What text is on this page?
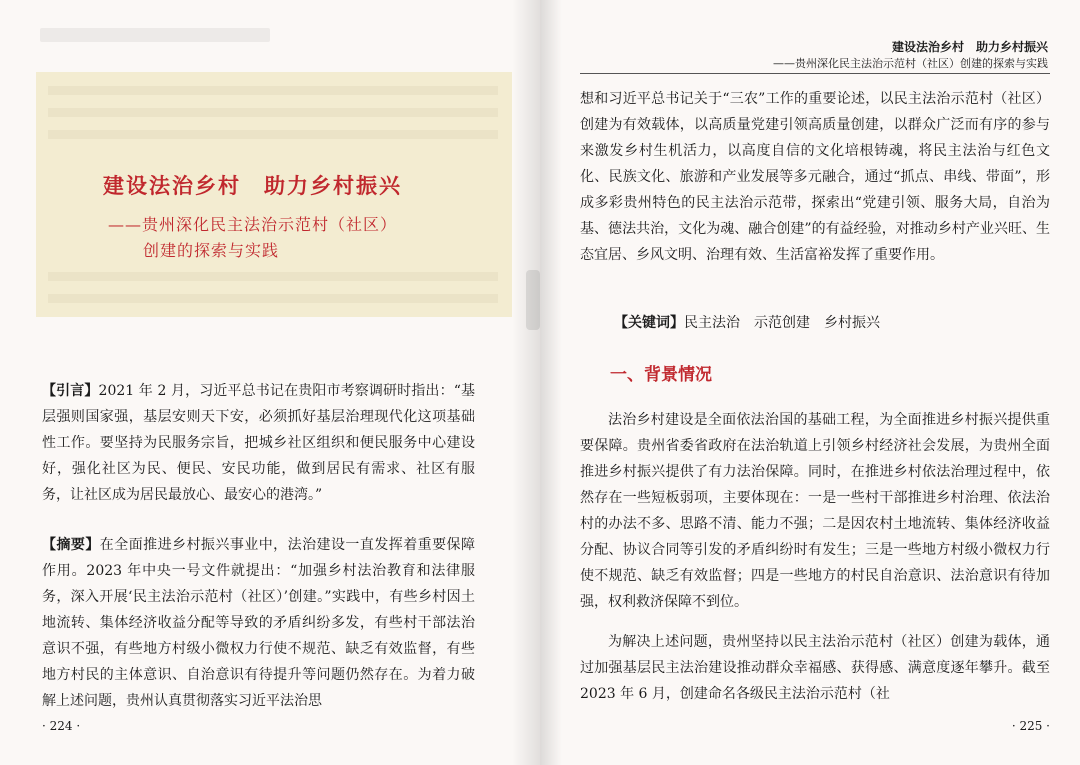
建设法治乡村　助力乡村振兴
——贵州深化民主法治示范村（社区）
创建的探索与实践

【引言】2021 年 2 月，习近平总书记在贵阳市考察调研时指出：“基层强则国家强，基层安则天下安，必须抓好基层治理现代化这项基础性工作。要坚持为民服务宗旨，把城乡社区组织和便民服务中心建设好，强化社区为民、便民、安民功能，做到居民有需求、社区有服务，让社区成为居民最放心、最安心的港湾。”

【摘要】在全面推进乡村振兴事业中，法治建设一直发挥着重要保障作用。2023 年中央一号文件就提出：“加强乡村法治教育和法律服务，深入开展‘民主法治示范村（社区）’创建。”实践中，有些乡村因土地流转、集体经济收益分配等导致的矛盾纠纷多发，有些村干部法治意识不强，有些地方村级小微权力行使不规范、缺乏有效监督，有些地方村民的主体意识、自治意识有待提升等问题仍然存在。为着力破解上述问题，贵州认真贯彻落实习近平法治思

· 224 ·
建设法治乡村　助力乡村振兴
——贵州深化民主法治示范村（社区）创建的探索与实践

想和习近平总书记关于“三农”工作的重要论述，以民主法治示范村（社区）创建为有效载体，以高质量党建引领高质量创建，以群众广泛而有序的参与来激发乡村生机活力，以高度自信的文化培根铸魂，将民主法治与红色文化、民族文化、旅游和产业发展等多元融合，通过“抓点、串线、带面”，形成多彩贵州特色的民主法治示范带，探索出“党建引领、服务大局，自治为基、德法共治，文化为魂、融合创建”的有益经验，对推动乡村产业兴旺、生态宜居、乡风文明、治理有效、生活富裕发挥了重要作用。

【关键词】民主法治　示范创建　乡村振兴
一、背景情况

法治乡村建设是全面依法治国的基础工程，为全面推进乡村振兴提供重要保障。贵州省委省政府在法治轨道上引领乡村经济社会发展，为贵州全面推进乡村振兴提供了有力法治保障。同时，在推进乡村依法治理过程中，依然存在一些短板弱项，主要体现在：一是一些村干部推进乡村治理、依法治村的办法不多、思路不清、能力不强；二是因农村土地流转、集体经济收益分配、协议合同等引发的矛盾纠纷时有发生；三是一些地方村级小微权力行使不规范、缺乏有效监督；四是一些地方的村民自治意识、法治意识有待加强，权利救济保障不到位。

为解决上述问题，贵州坚持以民主法治示范村（社区）创建为载体，通过加强基层民主法治建设推动群众幸福感、获得感、满意度逐年攀升。截至 2023 年 6 月，创建命名各级民主法治示范村（社

· 225 ·
